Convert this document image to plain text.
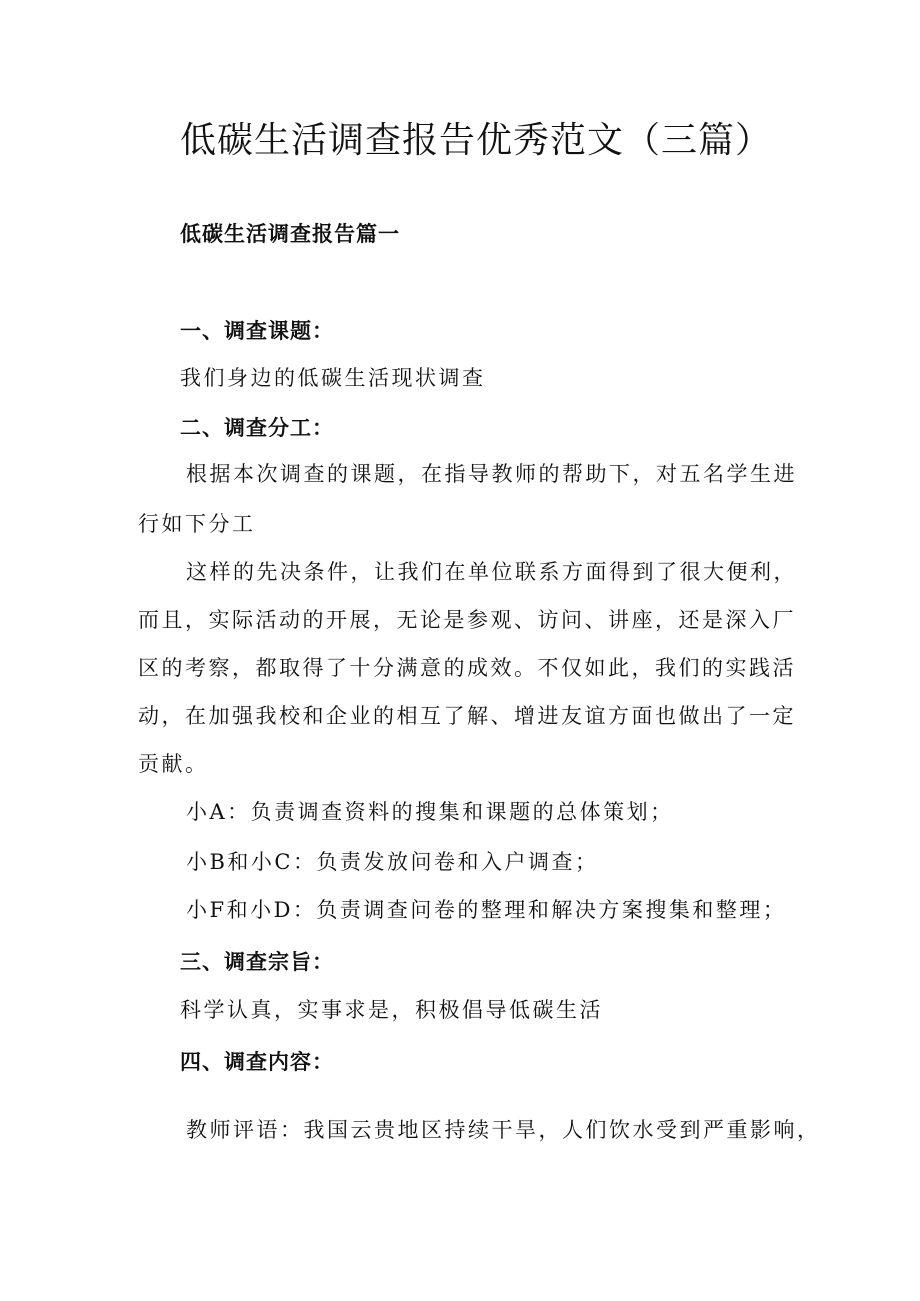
低碳生活调查报告优秀范文（三篇）
低碳生活调查报告篇一
一、调查课题：

我们身边的低碳生活现状调查

二、调查分工：

根据本次调查的课题，在指导教师的帮助下，对五名学生进

行如下分工

这样的先决条件，让我们在单位联系方面得到了很大便利，

而且，实际活动的开展，无论是参观、访问、讲座，还是深入厂

区的考察，都取得了十分满意的成效。不仅如此，我们的实践活

动，在加强我校和企业的相互了解、增进友谊方面也做出了一定

贡献。

小A：负责调查资料的搜集和课题的总体策划；

小B和小C：负责发放问卷和入户调查；

小F和小D：负责调查问卷的整理和解决方案搜集和整理；

三、调查宗旨：

科学认真，实事求是，积极倡导低碳生活

四、调查内容：

教师评语：我国云贵地区持续干旱，人们饮水受到严重影响，
